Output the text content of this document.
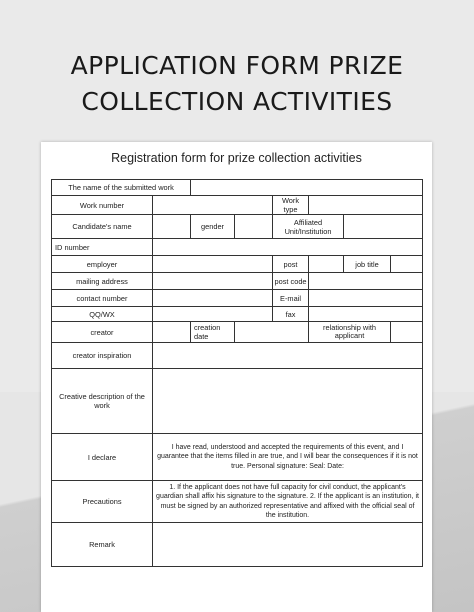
APPLICATION FORM PRIZE
COLLECTION ACTIVITIES
Registration form for prize collection activities
The name of the submitted work							
Work number				Work type			
Candidate's name		gender		Affiliated Unit/Institution			
ID number							
employer				post		job title	
mailing address				post code			
contact number				E-mail			
QQ/WX				fax			
creator		creation date			relationship with applicant		

creator inspiration							
Creative description of the work							
I declare	I have read, understood and accepted the requirements of this event, and I guarantee that the items filled in are true, and I will bear the consequences if it is not true. Personal signature: Seal: Date:						
Precautions	1. If the applicant does not have full capacity for civil conduct, the applicant's guardian shall affix his signature to the signature. 2. If the applicant is an institution, it must be signed by an authorized representative and affixed with the official seal of the institution.						
Remark							
